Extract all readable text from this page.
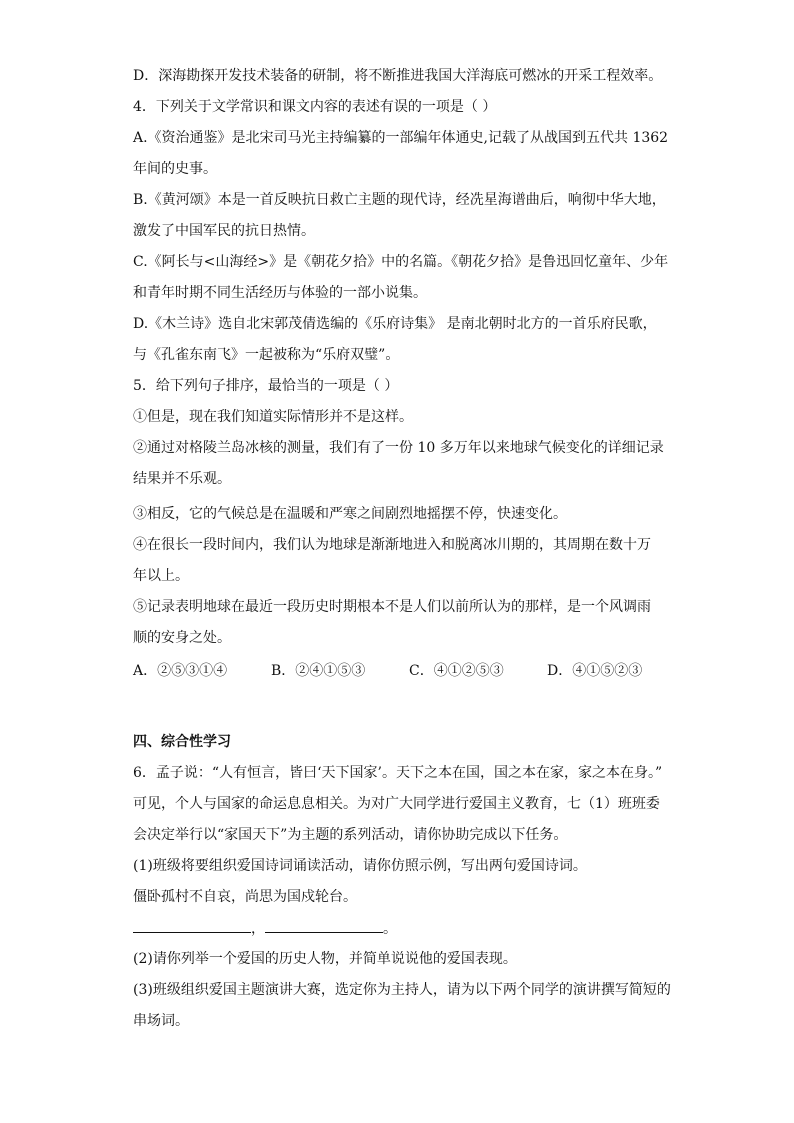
D．深海勘探开发技术装备的研制，将不断推进我国大洋海底可燃冰的开采工程效率。
4．下列关于文学常识和课文内容的表述有误的一项是（ ）
A.《资治通鉴》是北宋司马光主持编纂的一部编年体通史,记载了从战国到五代共 1362
年间的史事。
B.《黄河颂》本是一首反映抗日救亡主题的现代诗，经冼星海谱曲后，响彻中华大地，
激发了中国军民的抗日热情。
C.《阿长与<山海经>》是《朝花夕拾》中的名篇。《朝花夕拾》是鲁迅回忆童年、少年
和青年时期不同生活经历与体验的一部小说集。
D.《木兰诗》选自北宋郭茂倩选编的《乐府诗集》 是南北朝时北方的一首乐府民歌，
与《孔雀东南飞》一起被称为“乐府双璧”。
5．给下列句子排序，最恰当的一项是（ ）
①但是，现在我们知道实际情形并不是这样。
②通过对格陵兰岛冰核的测量，我们有了一份 10 多万年以来地球气候变化的详细记录
结果并不乐观。
③相反，它的气候总是在温暖和严寒之间剧烈地摇摆不停，快速变化。
④在很长一段时间内，我们认为地球是渐渐地进入和脱离冰川期的，其周期在数十万
年以上。
⑤记录表明地球在最近一段历史时期根本不是人们以前所认为的那样，是一个风调雨
顺的安身之处。
A．②⑤③①④	B．②④①⑤③	C．④①②⑤③	D．④①⑤②③
四、综合性学习
6．孟子说：“人有恒言，皆曰‘天下国家’。天下之本在国，国之本在家，家之本在身。”
可见，个人与国家的命运息息相关。为对广大同学进行爱国主义教育，七（1）班班委
会决定举行以“家国天下”为主题的系列活动，请你协助完成以下任务。
(1)班级将要组织爱国诗词诵读活动，请你仿照示例，写出两句爱国诗词。
僵卧孤村不自哀，尚思为国戍轮台。
，	。
(2)请你列举一个爱国的历史人物，并简单说说他的爱国表现。
(3)班级组织爱国主题演讲大赛，选定你为主持人，请为以下两个同学的演讲撰写简短的
串场词。
